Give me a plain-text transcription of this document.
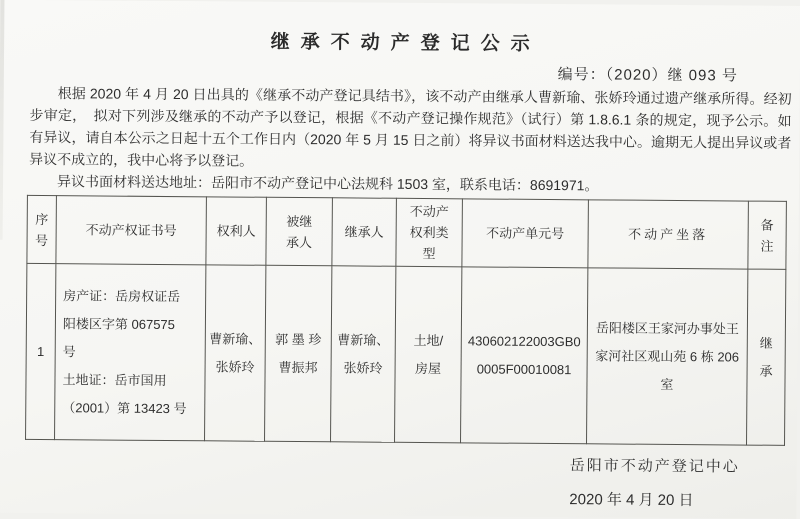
继承不动产登记公示
编号：（2020）继 093 号

根据 2020 年 4 月 20 日出具的《继承不动产登记具结书》，该不动产由继承人曹新瑜、张娇玲通过遗产继承所得。经初步审定，　拟对下列涉及继承的不动产予以登记，根据《不动产登记操作规范》（试行）第 1.8.6.1 条的规定，现予公示。如有异议，请自本公示之日起十五个工作日内（2020 年 5 月 15 日之前）将异议书面材料送达我中心。逾期无人提出异议或者异议不成立的，我中心将予以登记。

异议书面材料送达地址：岳阳市不动产登记中心法规科 1503 室，联系电话：8691971。

序
号	不动产权证书号	权利人	被继
承人	继承人	不动产
权利类
型	不动产单元号	不动产坐落	备
注
1	房产证：岳房权证岳
阳楼区字第 067575
号
土地证：岳市国用
（2001）第 13423 号	曹新瑜、
张娇玲	郭 墨 珍
曹振邦	曹新瑜、
张娇玲	土地/
房屋	430602122003GB0
0005F00010081	岳阳楼区王家河办事处王
家河社区观山苑 6 栋 206
室	继
承
岳阳市不动产登记中心
2020 年 4 月 20 日
